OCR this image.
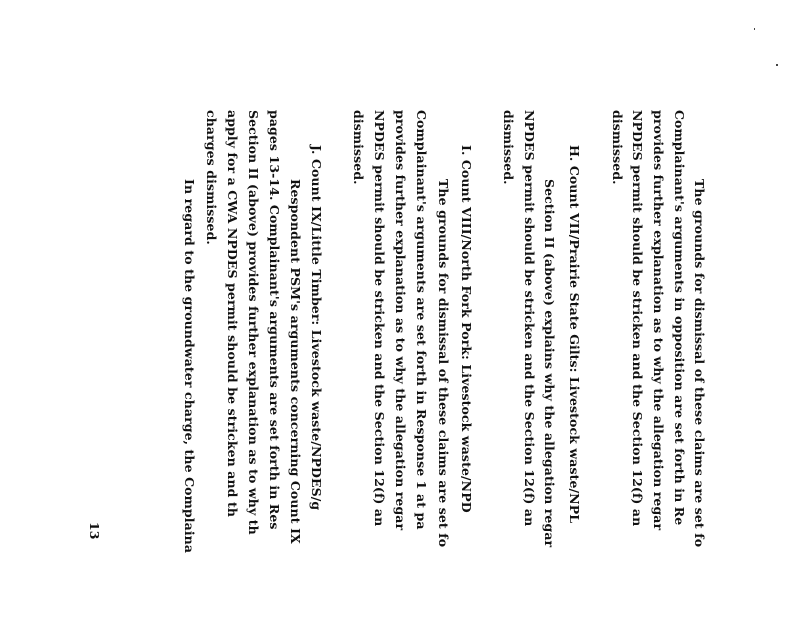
The grounds for dismissal of these claims are set fo
Complainant's arguments in opposition are set forth in Re
provides further explanation as to why the allegation regar
NPDES permit should be stricken and the Section 12(f) an
dismissed.
H. Count VII/Prairie State Gilts: Livestock waste/NPL
Section II (above) explains why the allegation regar
NPDES permit should be stricken and the Section 12(f) an
dismissed.
I. Count VIII/North Fork Pork: Livestock waste/NPD
The grounds for dismissal of these claims are set fo
Complainant's arguments are set forth in Response 1 at pa
provides further explanation as to why the allegation regar
NPDES permit should be stricken and the Section 12(f) an
dismissed.
J. Count IX/Little Timber: Livestock waste/NPDES/g
Respondent PSM's arguments concerning Count IX
pages 13-14. Complainant's arguments are set forth in Res
Section II (above) provides further explanation as to why th
apply for a CWA NPDES permit should be stricken and th
charges dismissed.
In regard to the groundwater charge, the Complaina
13
